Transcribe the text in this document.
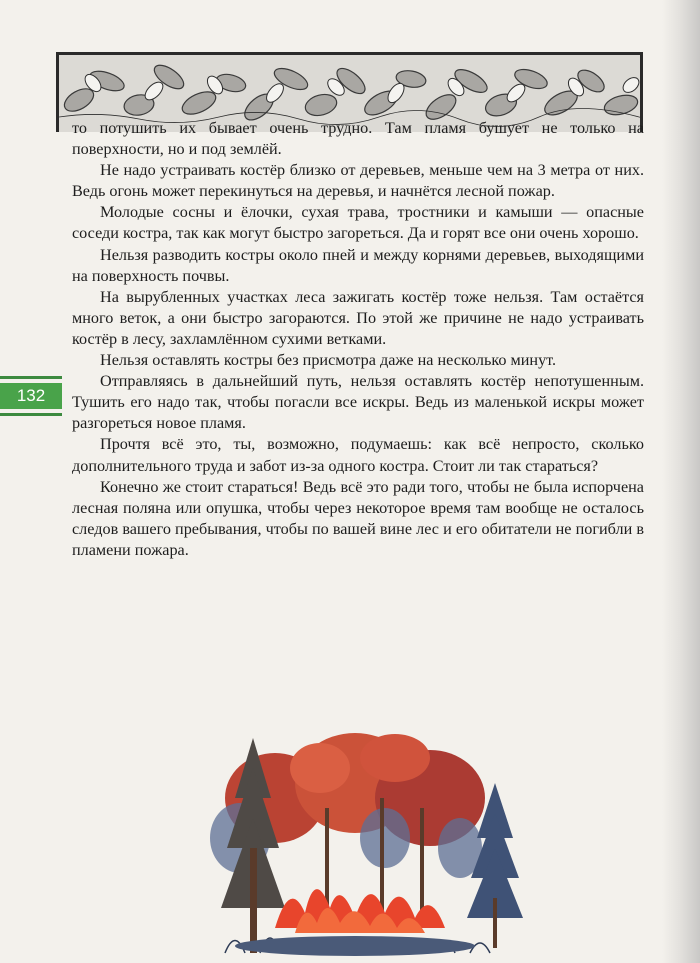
132

то потушить их бывает очень трудно. Там пламя бушует не только на поверхности, но и под землёй.

Не надо устраивать костёр близко от деревьев, меньше чем на 3 метра от них. Ведь огонь может перекинуться на деревья, и начнётся лесной пожар.

Молодые сосны и ёлочки, сухая трава, тростники и камыши — опасные соседи костра, так как могут быстро загореться. Да и горят все они очень хорошо.

Нельзя разводить костры около пней и между корнями деревьев, выходящими на поверхность почвы.

На вырубленных участках леса зажигать костёр тоже нельзя. Там остаётся много веток, а они быстро загораются. По этой же причине не надо устраивать костёр в лесу, захламлённом сухими ветками.

Нельзя оставлять костры без присмотра даже на несколько минут.

Отправляясь в дальнейший путь, нельзя оставлять костёр непотушенным. Тушить его надо так, чтобы погасли все искры. Ведь из маленькой искры может разгореться новое пламя.

Прочтя всё это, ты, возможно, подумаешь: как всё непросто, сколько дополнительного труда и забот из-за одного костра. Стоит ли так стараться?

Конечно же стоит стараться! Ведь всё это ради того, чтобы не была испорчена лесная поляна или опушка, чтобы через некоторое время там вообще не осталось следов вашего пребывания, чтобы по вашей вине лес и его обитатели не погибли в пламени пожара.
